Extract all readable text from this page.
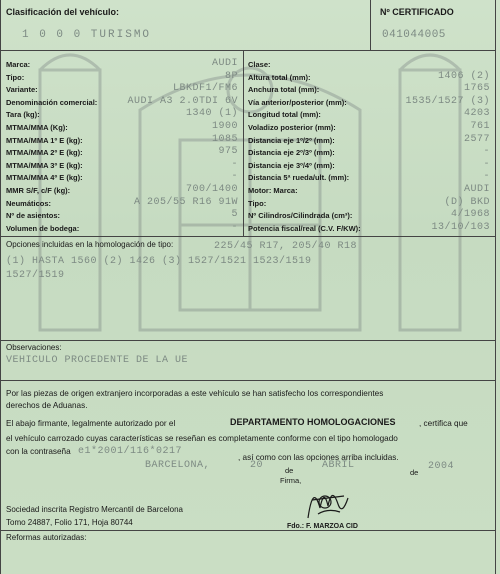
Clasificación del vehículo:
1 0 0 0 TURISMO
Nº CERTIFICADO
041044005
Opciones incluidas en la homologación de tipo:	225/45 R17, 205/40 R18
(1) HASTA 1560 (2) 1426 (3) 1527/1521 1523/1519
1527/1519
Observaciones:
VEHICULO PROCEDENTE DE LA UE
Por las piezas de origen extranjero incorporadas a este vehículo se han satisfecho los correspondientes
derechos de Aduanas.
El abajo firmante, legalmente autorizado por el	DEPARTAMENTO HOMOLOGACIONES	, certifica que
el vehículo carrozado cuyas características se reseñan es completamente conforme con el tipo homologado
con la contraseña e1*2001/116*0217
, así como con las opciones arriba incluidas.
BARCELONA,	20	de	ABRIL
de
2004
Firma,
Sociedad inscrita Registro Mercantil de Barcelona
Tomo 24887, Folio 171, Hoja 80744	Fdo.: F. MARZOA CID
Reformas autorizadas:
Marca:	AUDI
Tipo:	8P
Variante:	LBKDF1/FM6
Denominación comercial:	AUDI A3 2.0TDI 6V
Tara (kg):	1340 (1)
MTMA/MMA (Kg):	1900
MTMA/MMA 1º E (kg):	1085
MTMA/MMA 2º E (kg):	975
MTMA/MMA 3º E (kg):	-
MTMA/MMA 4º E (kg):	-
MMR S/F, c/F (kg):	700/1400
Neumáticos:	A 205/55 R16 91W
Nº de asientos:	5
Volumen de bodega:	-
Clase:
Altura total (mm):	1406 (2)
Anchura total (mm):	1765
Vía anterior/posterior (mm):	1535/1527 (3)
Longitud total (mm):	4203
Voladizo posterior (mm):	761
Distancia eje 1º/2º (mm):	2577
Distancia eje 2º/3º (mm):	-
Distancia eje 3º/4º (mm):	-
Distancia 5ª rueda/ult. (mm):	-
Motor: Marca:	AUDI
Tipo:	(D) BKD
Nº Cilindros/Cilindrada (cm³):	4/1968
Potencia fiscal/real (C.V. F/KW):	13/10/103
